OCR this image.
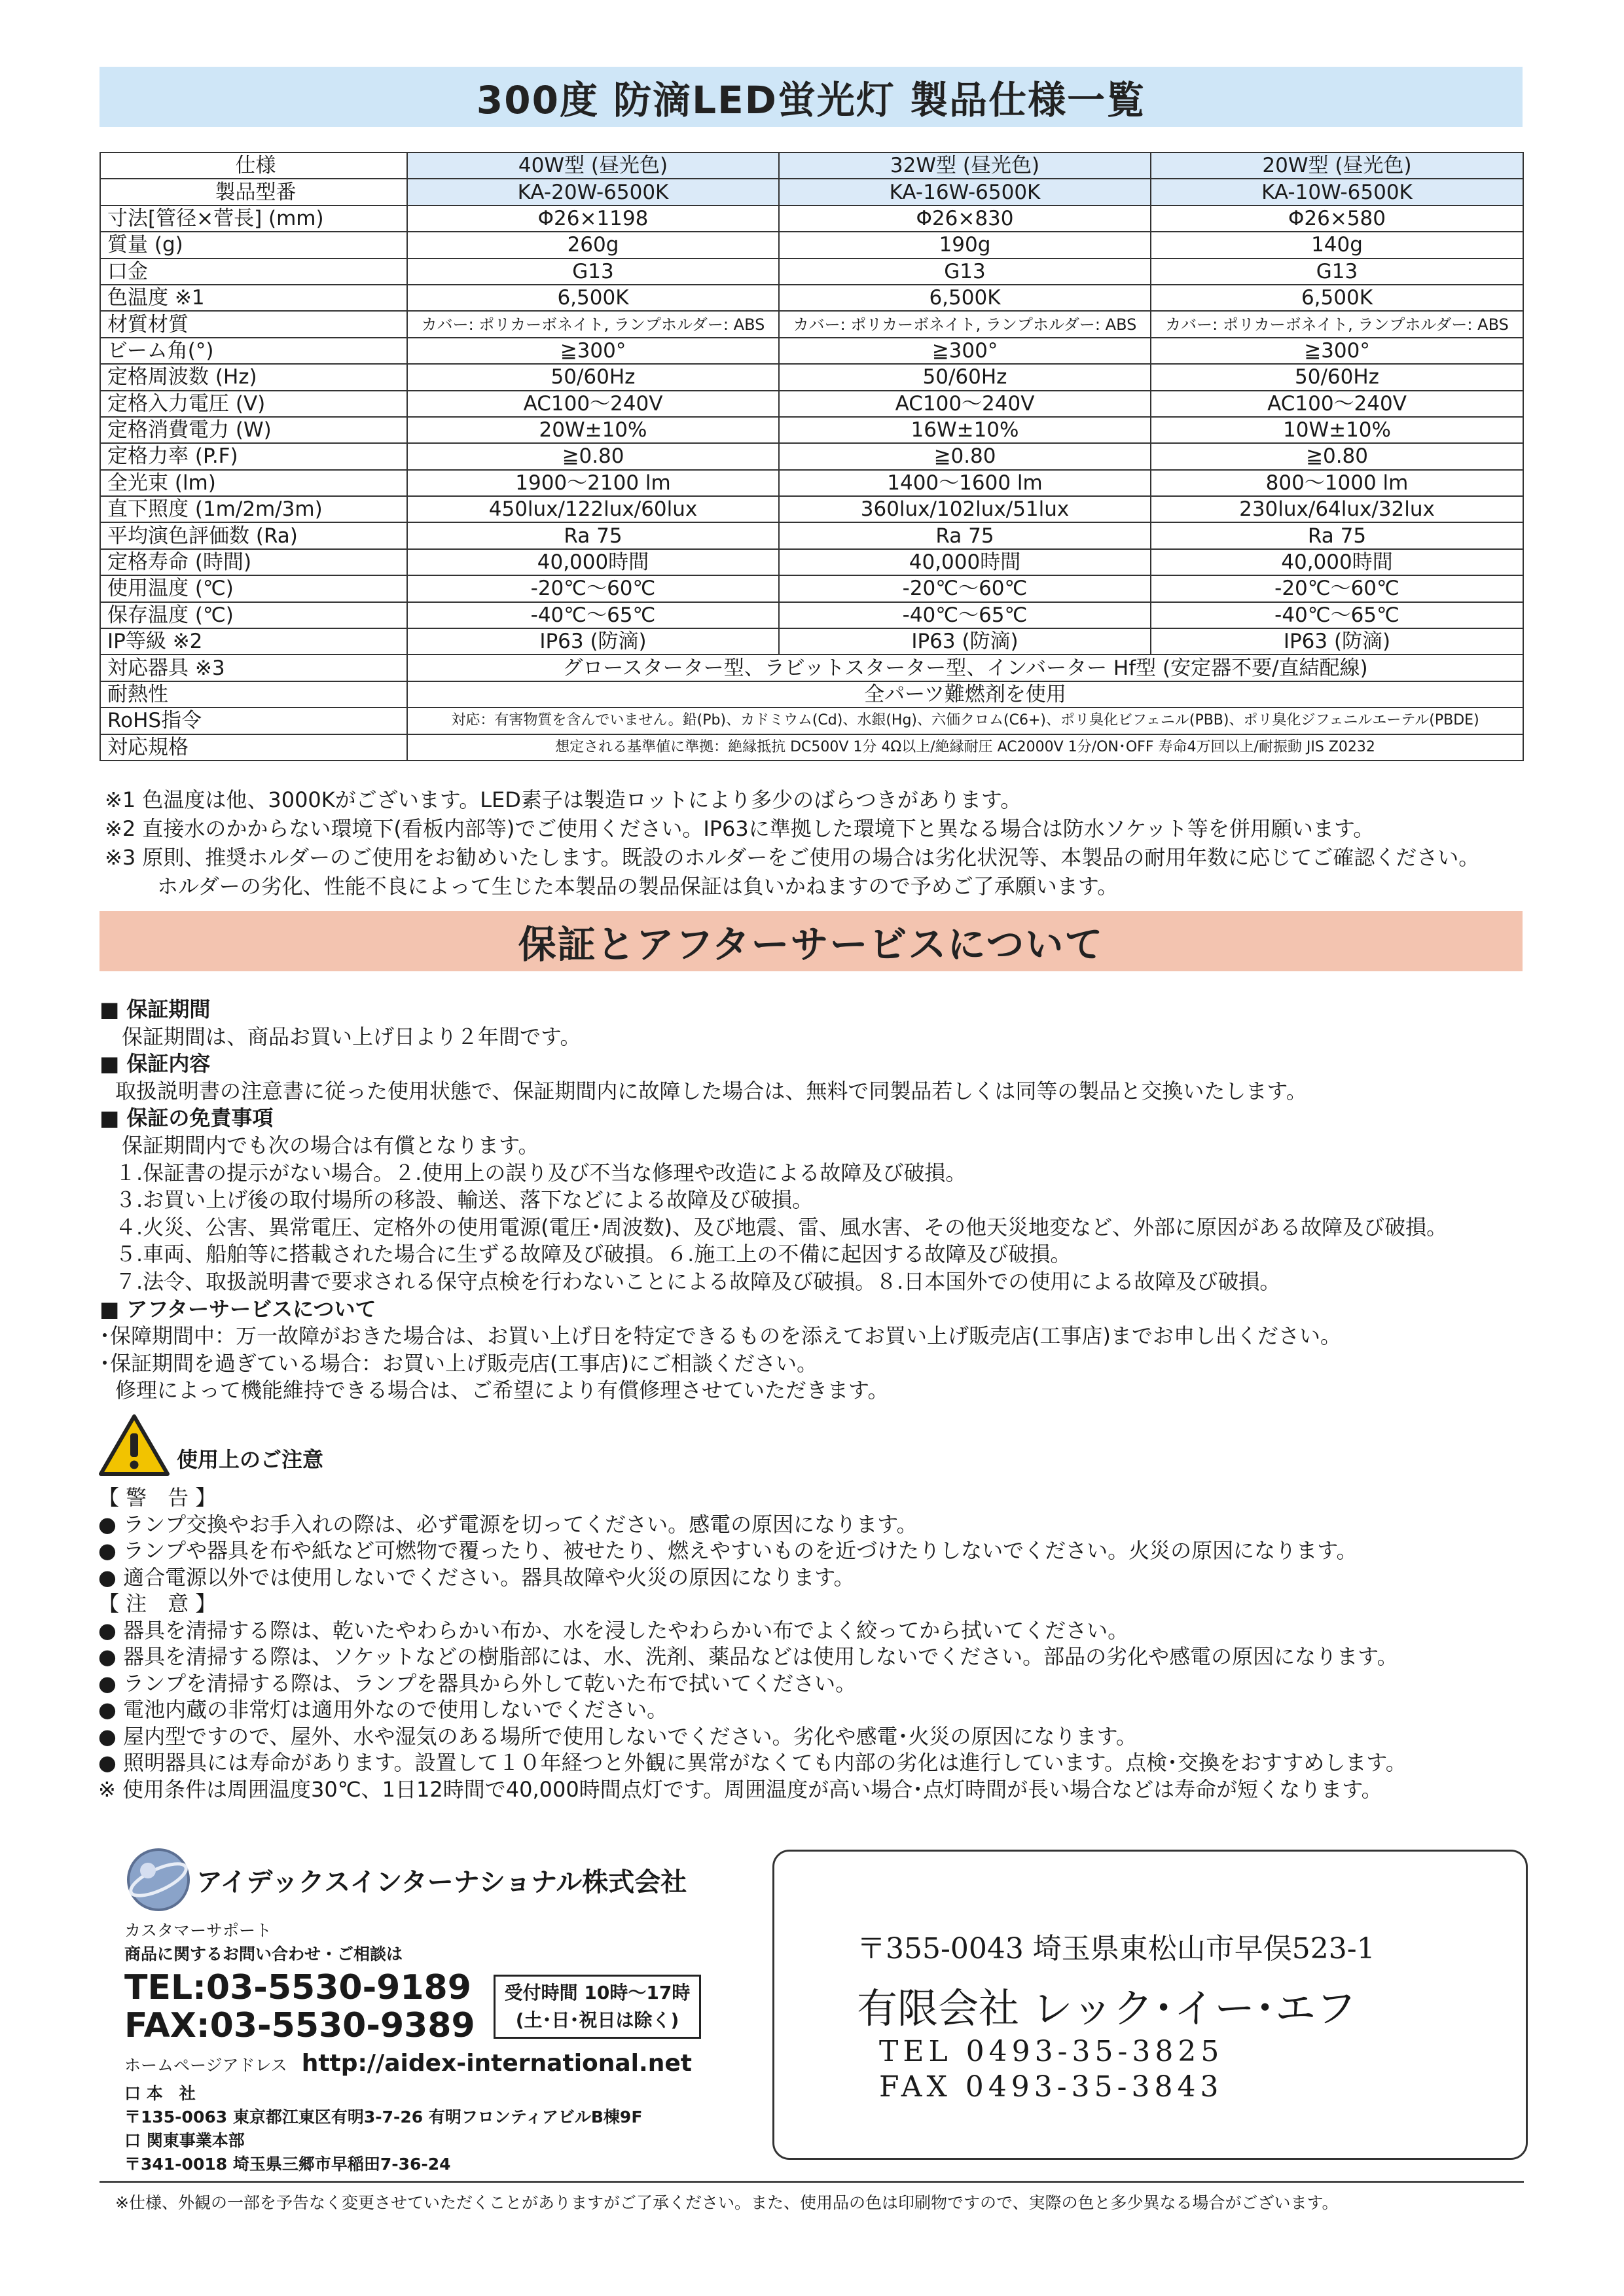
300度 防滴LED蛍光灯 製品仕様一覧
仕様	40W型 (昼光色)	32W型 (昼光色)	20W型 (昼光色)
製品型番	KA-20W-6500K	KA-16W-6500K	KA-10W-6500K
寸法[管径×菅長] (mm)	Φ26×1198	Φ26×830	Φ26×580
質量 (g)	260g	190g	140g
口金	G13	G13	G13
色温度 ※1	6,500K	6,500K	6,500K
材質材質	カバー: ポリカーボネイト, ランプホルダー: ABS	カバー: ポリカーボネイト, ランプホルダー: ABS	カバー: ポリカーボネイト, ランプホルダー: ABS
ビーム角(°)	≧300°	≧300°	≧300°
定格周波数 (Hz)	50/60Hz	50/60Hz	50/60Hz
定格入力電圧 (V)	AC100～240V	AC100～240V	AC100～240V
定格消費電力 (W)	20W±10%	16W±10%	10W±10%
定格力率 (P.F)	≧0.80	≧0.80	≧0.80
全光束 (lm)	1900～2100 lm	1400～1600 lm	800～1000 lm
直下照度 (1m/2m/3m)	450lux/122lux/60lux	360lux/102lux/51lux	230lux/64lux/32lux
平均演色評価数 (Ra)	Ra 75	Ra 75	Ra 75
定格寿命 (時間)	40,000時間	40,000時間	40,000時間
使用温度 (℃)	-20℃～60℃	-20℃～60℃	-20℃～60℃
保存温度 (℃)	-40℃～65℃	-40℃～65℃	-40℃～65℃
IP等級 ※2	IP63 (防滴)	IP63 (防滴)	IP63 (防滴)
対応器具 ※3	グロースターター型、ラビットスターター型、インバーター Hf型 (安定器不要/直結配線)		
耐熱性	全パーツ難燃剤を使用		
RoHS指令	対応：有害物質を含んでいません。鉛(Pb)、カドミウム(Cd)、水銀(Hg)、六価クロム(C6+)、ポリ臭化ビフェニル(PBB)、ポリ臭化ジフェニルエーテル(PBDE)		
対応規格	想定される基準値に準拠：絶縁抵抗 DC500V 1分 4Ω以上/絶縁耐圧 AC2000V 1分/ON･OFF 寿命4万回以上/耐振動 JIS Z0232		

※1 色温度は他、3000Kがございます。LED素子は製造ロットにより多少のばらつきがあります。

※2 直接水のかからない環境下(看板内部等)でご使用ください。IP63に準拠した環境下と異なる場合は防水ソケット等を併用願います。

※3 原則、推奨ホルダーのご使用をお勧めいたします。既設のホルダーをご使用の場合は劣化状況等、本製品の耐用年数に応じてご確認ください。

ホルダーの劣化、性能不良によって生じた本製品の製品保証は負いかねますので予めご了承願います。

保証とアフターサービスについて

■ 保証期間

保証期間は、商品お買い上げ日より２年間です。

■ 保証内容

取扱説明書の注意書に従った使用状態で、保証期間内に故障した場合は、無料で同製品若しくは同等の製品と交換いたします。

■ 保証の免責事項

保証期間内でも次の場合は有償となります。

１.保証書の提示がない場合。２.使用上の誤り及び不当な修理や改造による故障及び破損。

３.お買い上げ後の取付場所の移設、輸送、落下などによる故障及び破損。

４.火災、公害、異常電圧、定格外の使用電源(電圧･周波数)、及び地震、雷、風水害、その他天災地変など、外部に原因がある故障及び破損。

５.車両、船舶等に搭載された場合に生ずる故障及び破損。６.施工上の不備に起因する故障及び破損。

７.法令、取扱説明書で要求される保守点検を行わないことによる故障及び破損。８.日本国外での使用による故障及び破損。

■ アフターサービスについて

･保障期間中：万一故障がおきた場合は、お買い上げ日を特定できるものを添えてお買い上げ販売店(工事店)までお申し出ください。

･保証期間を過ぎている場合：お買い上げ販売店(工事店)にご相談ください。

修理によって機能維持できる場合は、ご希望により有償修理させていただきます。

使用上のご注意

【 警　告 】

● ランプ交換やお手入れの際は、必ず電源を切ってください。感電の原因になります。

● ランプや器具を布や紙など可燃物で覆ったり、被せたり、燃えやすいものを近づけたりしないでください。火災の原因になります。

● 適合電源以外では使用しないでください。器具故障や火災の原因になります。

【 注　意 】

● 器具を清掃する際は、乾いたやわらかい布か、水を浸したやわらかい布でよく絞ってから拭いてください。

● 器具を清掃する際は、ソケットなどの樹脂部には、水、洗剤、薬品などは使用しないでください。部品の劣化や感電の原因になります。

● ランプを清掃する際は、ランプを器具から外して乾いた布で拭いてください。

● 電池内蔵の非常灯は適用外なので使用しないでください。

● 屋内型ですので、屋外、水や湿気のある場所で使用しないでください。劣化や感電･火災の原因になります。

● 照明器具には寿命があります。設置して１０年経つと外観に異常がなくても内部の劣化は進行しています。点検･交換をおすすめします。

※ 使用条件は周囲温度30℃、1日12時間で40,000時間点灯です。周囲温度が高い場合･点灯時間が長い場合などは寿命が短くなります。

アイデックスインターナショナル株式会社
カスタマーサポート
商品に関するお問い合わせ・ご相談は
TEL:03-5530-9189
FAX:03-5530-9389
受付時間 10時～17時
(土･日･祝日は除く)
ホームページアドレス http://aidex-international.net
口 本　社
〒135-0063 東京都江東区有明3-7-26 有明フロンティアビルB棟9F
口 関東事業本部
〒341-0018 埼玉県三郷市早稲田7-36-24
〒355-0043 埼玉県東松山市早俣523-1
有限会社 レック･イー･エフ
TEL 0493-35-3825
FAX 0493-35-3843
※仕様、外観の一部を予告なく変更させていただくことがありますがご了承ください。また、使用品の色は印刷物ですので、実際の色と多少異なる場合がございます。
